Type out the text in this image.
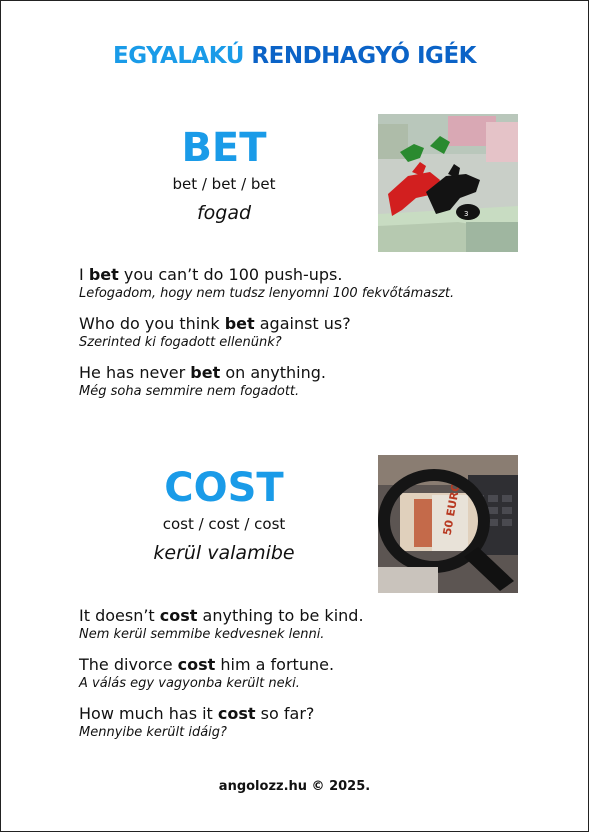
EGYALAKÚ RENDHAGYÓ IGÉK
BET
bet / bet / bet
fogad	3
I bet you can’t do 100 push-ups.
Lefogadom, hogy nem tudsz lenyomni 100 fekvőtámaszt.
Who do you think bet against us?
Szerinted ki fogadott ellenünk?
He has never bet on anything.
Még soha semmire nem fogadott.
COST
cost / cost / cost
kerül valamibe
50 EURO
It doesn’t cost anything to be kind.
Nem kerül semmibe kedvesnek lenni.
The divorce cost him a fortune.
A válás egy vagyonba került neki.
How much has it cost so far?
Mennyibe került idáig?
angolozz.hu © 2025.
